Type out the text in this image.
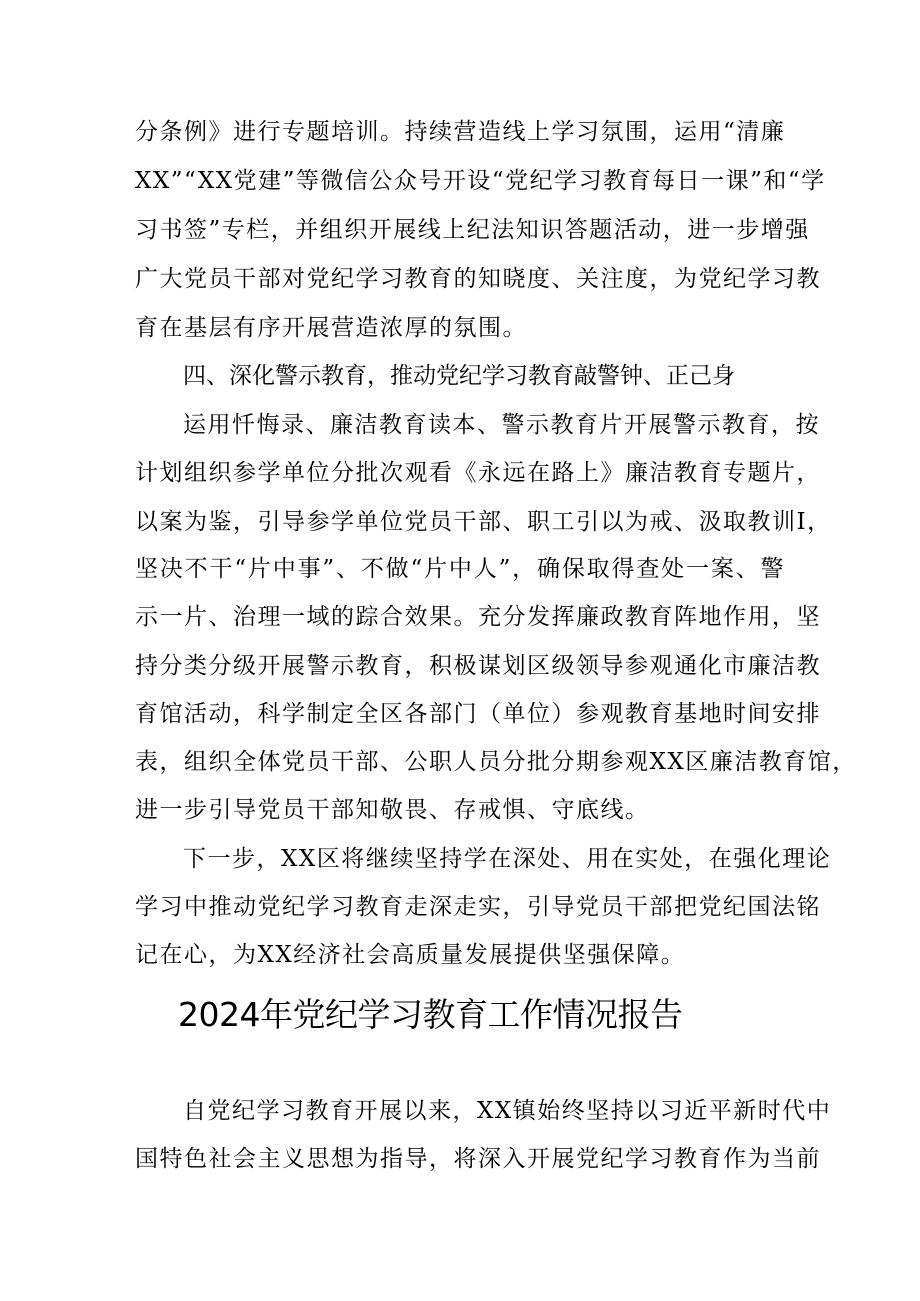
分条例》进行专题培训。持续营造线上学习氛围，运用“清廉
XX”“XX党建”等微信公众号开设“党纪学习教育每日一课”和“学
习书签”专栏，并组织开展线上纪法知识答题活动，进一步增强
广大党员干部对党纪学习教育的知晓度、关注度，为党纪学习教
育在基层有序开展营造浓厚的氛围。
四、深化警示教育，推动党纪学习教育敲警钟、正己身
运用忏悔录、廉洁教育读本、警示教育片开展警示教育，按
计划组织参学单位分批次观看《永远在路上》廉洁教育专题片，
以案为鉴，引导参学单位党员干部、职工引以为戒、汲取教训I，
坚决不干“片中事”、不做“片中人”，确保取得查处一案、警
示一片、治理一域的踪合效果。充分发挥廉政教育阵地作用，坚
持分类分级开展警示教育，积极谋划区级领导参观通化市廉洁教
育馆活动，科学制定全区各部门（单位）参观教育基地时间安排
表，组织全体党员干部、公职人员分批分期参观XX区廉洁教育馆，
进一步引导党员干部知敬畏、存戒惧、守底线。
下一步，XX区将继续坚持学在深处、用在实处，在强化理论
学习中推动党纪学习教育走深走实，引导党员干部把党纪国法铭
记在心，为XX经济社会高质量发展提供坚强保障。
2024年党纪学习教育工作情况报告
自党纪学习教育开展以来，XX镇始终坚持以习近平新时代中
国特色社会主义思想为指导，将深入开展党纪学习教育作为当前
